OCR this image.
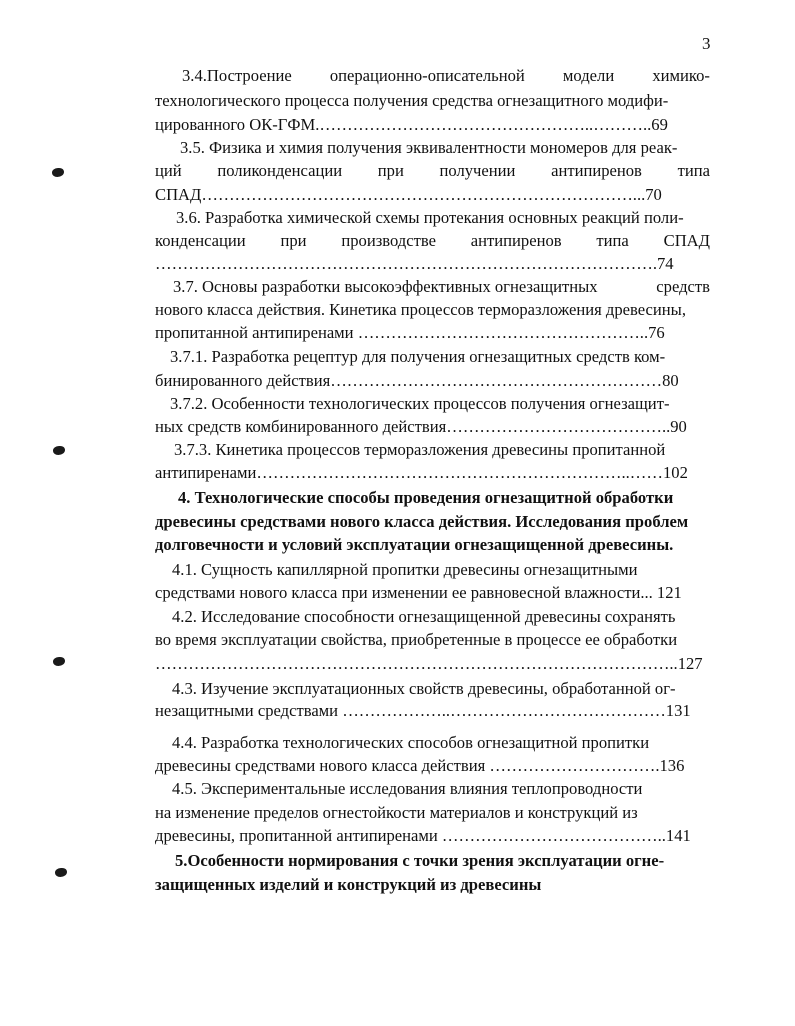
3
3.4.Построение операционно-описательной модели химико-
технологического процесса получения средства огнезащитного модифи-
цированного ОК-ГФМ.…………………………………………..………..69
3.5. Физика и химия получения эквивалентности мономеров для реак-
ций поликонденсации при получении антипиренов типа
СПАД……………………………………………………………………...70
3.6. Разработка химической схемы протекания основных реакций поли-
конденсации при производстве антипиренов типа СПАД
……………………………………………………………………………….74
3.7. Основы разработки высокоэффективных огнезащитных	средств
нового класса действия. Кинетика процессов терморазложения древесины,
пропитанной антипиренами ……………………………………………..76
3.7.1. Разработка рецептур для получения огнезащитных средств ком-
бинированного действия……………………………………………………80
3.7.2. Особенности технологических процессов получения огнезащит-
ных средств комбинированного действия…………………………………..90
3.7.3. Кинетика процессов терморазложения древесины пропитанной
антипиренами…………………………………………………………..……102
4. Технологические способы проведения огнезащитной обработки
древесины средствами нового класса действия. Исследования проблем
долговечности и условий эксплуатации огнезащищенной древесины.
4.1. Сущность капиллярной пропитки древесины огнезащитными
средствами нового класса при изменении ее равновесной влажности... 121
4.2. Исследование способности огнезащищенной древесины сохранять
во время эксплуатации свойства, приобретенные в процессе ее обработки
…………………………………………………………………………………..127
4.3. Изучение эксплуатационных свойств древесины, обработанной ог-
незащитными средствами ………………..…………………………………131
4.4. Разработка технологических способов огнезащитной пропитки
древесины средствами нового класса действия ………………………….136
4.5. Экспериментальные исследования влияния теплопроводности
на изменение пределов огнестойкости материалов и конструкций из
древесины, пропитанной антипиренами …………………………………..141
5.Особенности нормирования с точки зрения эксплуатации огне-
защищенных изделий и конструкций из древесины
